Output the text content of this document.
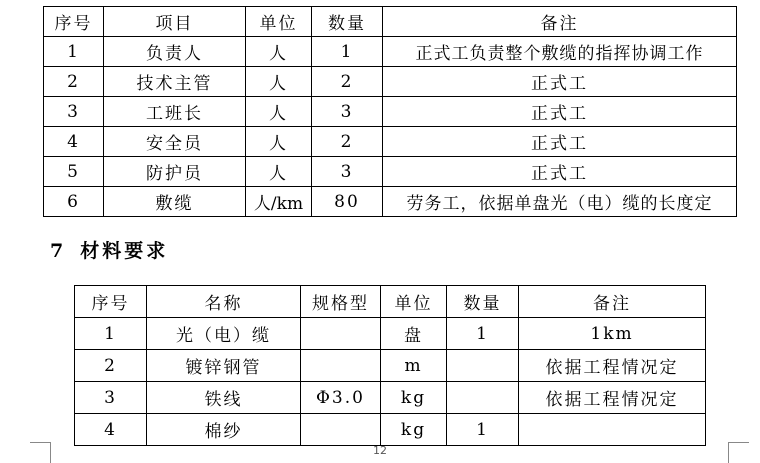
序号	项目	单位	数量	备注
1	负责人	人	1	正式工负责整个敷缆的指挥协调工作
2	技术主管	人	2	正式工
3	工班长	人	3	正式工
4	安全员	人	2	正式工
5	防护员	人	3	正式工
6	敷缆	人/km	80	劳务工，依据单盘光（电）缆的长度定
7 材料要求
序号	名称	规格型	单位	数量	备注
1	光（电）缆		盘	1	1km
2	镀锌钢管		m		依据工程情况定
3	铁线	Φ3.0	kg		依据工程情况定
4	棉纱		kg	1	
12
